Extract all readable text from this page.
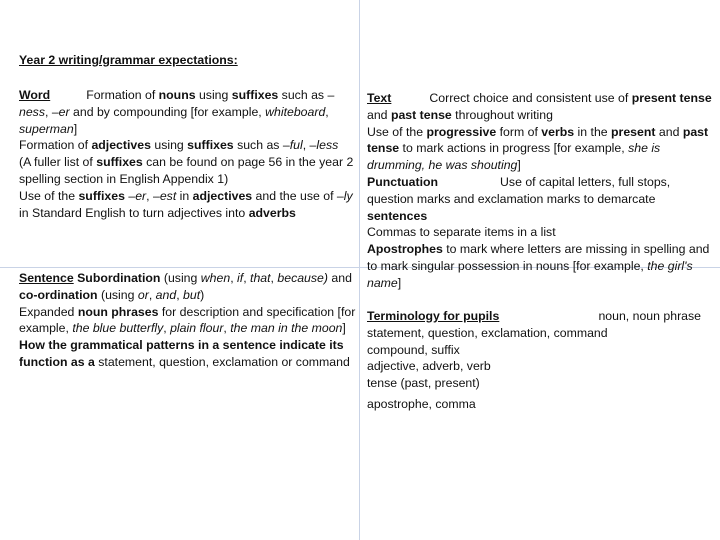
Year 2 writing/grammar expectations:

Word	Formation of nouns using suffixes such as –ness, –er and by compounding [for example, whiteboard, superman]

Formation of adjectives using suffixes such as –ful, –less

(A fuller list of suffixes can be found on page 56 in the year 2 spelling section in English Appendix 1)

Use of the suffixes –er, –est in adjectives and the use of –ly in Standard English to turn adjectives into adverbs

Sentence Subordination (using when, if, that, because) and co-ordination (using or, and, but)

Expanded noun phrases for description and specification [for example, the blue butterfly, plain flour, the man in the moon]

How the grammatical patterns in a sentence indicate its function as a statement, question, exclamation or command

Text	Correct choice and consistent use of present tense and past tense throughout writing

Use of the progressive form of verbs in the present and past tense to mark actions in progress [for example, she is drumming, he was shouting]

Punctuation	Use of capital letters, full stops, question marks and exclamation marks to demarcate sentences

Commas to separate items in a list

Apostrophes to mark where letters are missing in spelling and to mark singular possession in nouns [for example, the girl's name]

Terminology for pupils	noun, noun phrase
statement, question, exclamation, command
compound, suffix
adjective, adverb, verb
tense (past, present)
apostrophe, comma
